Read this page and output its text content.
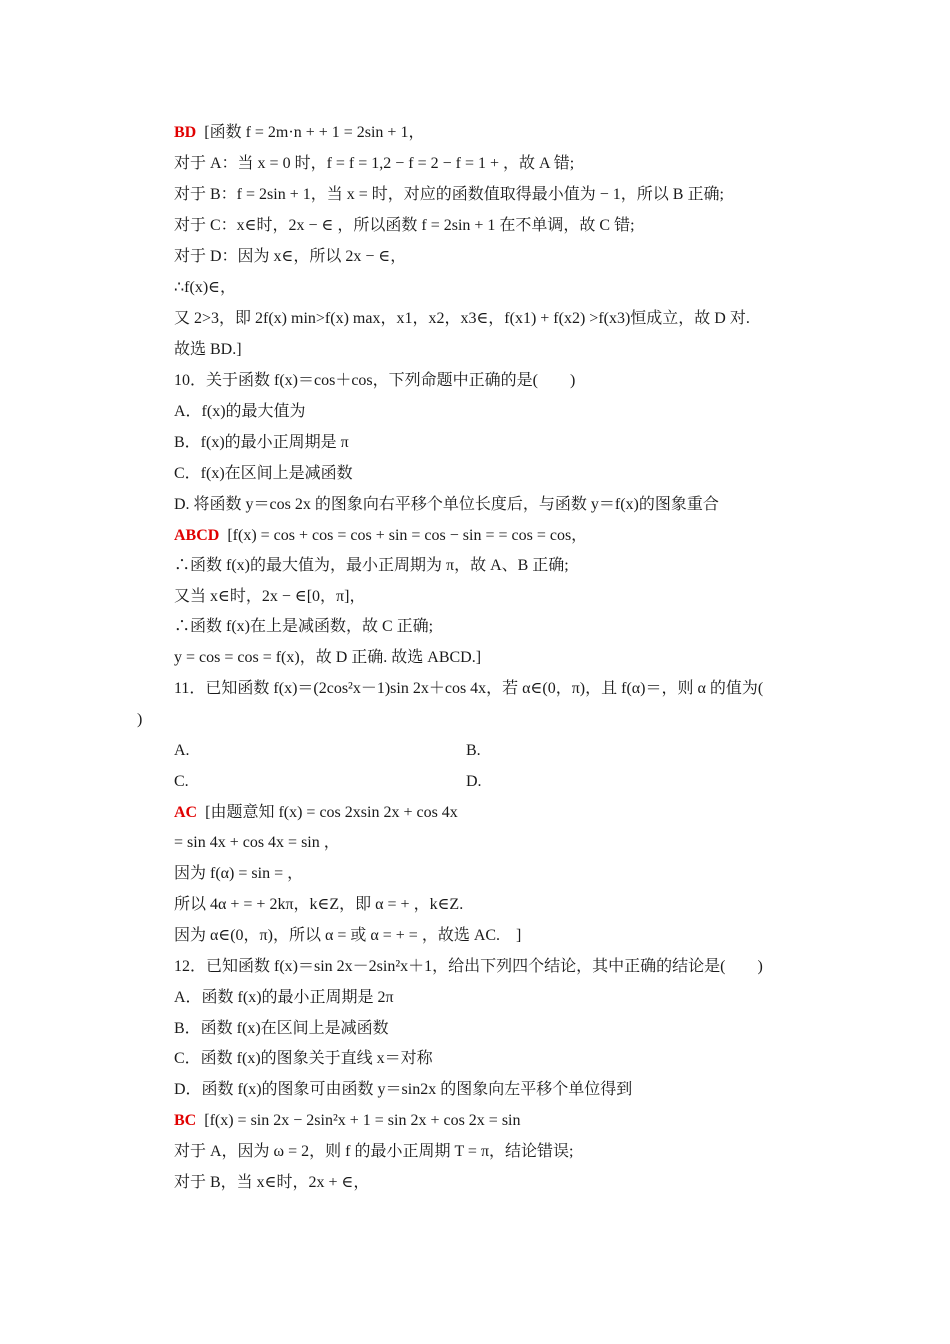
BD [函数 f = 2m·n + + 1 = 2sin + 1，
对于 A：当 x = 0 时，f = f = 1,2 − f = 2 − f = 1 + ，故 A 错;
对于 B：f = 2sin + 1，当 x = 时，对应的函数值取得最小值为 − 1，所以 B 正确;
对于 C：x∈时，2x − ∈ ，所以函数 f = 2sin + 1 在不单调，故 C 错;
对于 D：因为 x∈，所以 2x − ∈，
∴f(x)∈，
又 2>3，即 2f(x) min>f(x) max，x1，x2，x3∈，f(x1) + f(x2) >f(x3)恒成立，故 D 对.
故选 BD.]
10．关于函数 f(x)＝cos＋cos，下列命题中正确的是(　　)
A．f(x)的最大值为
B．f(x)的最小正周期是 π
C．f(x)在区间上是减函数
D. 将函数 y＝cos 2x 的图象向右平移个单位长度后，与函数 y＝f(x)的图象重合
ABCD [f(x) = cos + cos = cos + sin = cos − sin = = cos = cos，
∴函数 f(x)的最大值为，最小正周期为 π，故 A、B 正确;
又当 x∈时，2x − ∈[0，π]，
∴函数 f(x)在上是减函数，故 C 正确;
y = cos = cos = f(x)，故 D 正确. 故选 ABCD.]
11．已知函数 f(x)＝(2cos²x－1)sin 2x＋cos 4x，若 α∈(0，π)，且 f(α)＝，则 α 的值为(
)
A.	B.
C.	D.
AC [由题意知 f(x) = cos 2xsin 2x + cos 4x
= sin 4x + cos 4x = sin ，
因为 f(α) = sin = ，
所以 4α + = + 2kπ，k∈Z，即 α = + ，k∈Z.
因为 α∈(0，π)，所以 α = 或 α = + = ，故选 AC.　]
12．已知函数 f(x)＝sin 2x－2sin²x＋1，给出下列四个结论，其中正确的结论是(　　)
A．函数 f(x)的最小正周期是 2π
B．函数 f(x)在区间上是减函数
C．函数 f(x)的图象关于直线 x＝对称
D．函数 f(x)的图象可由函数 y＝sin2x 的图象向左平移个单位得到
BC [f(x) = sin 2x − 2sin²x + 1 = sin 2x + cos 2x = sin
对于 A，因为 ω = 2，则 f 的最小正周期 T = π，结论错误;
对于 B，当 x∈时，2x + ∈，
